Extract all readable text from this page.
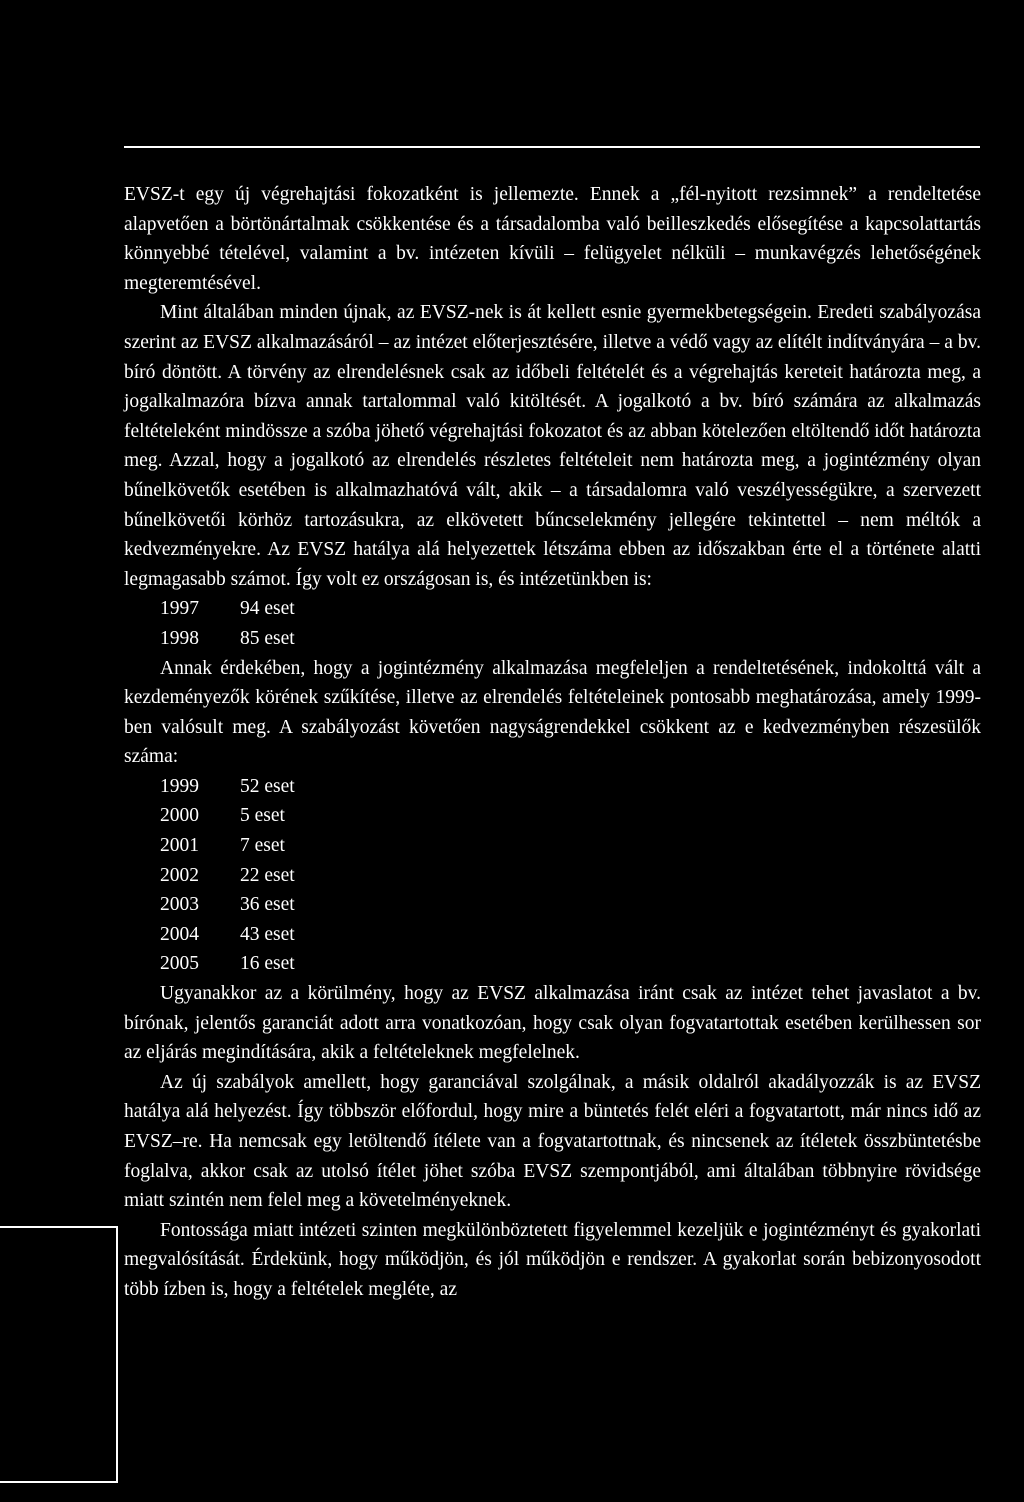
EVSZ-t egy új végrehajtási fokozatként is jellemezte. Ennek a „fél-nyitott rezsimnek” a rendeltetése alapvetően a börtönártalmak csökkentése és a társadalomba való beilleszkedés elősegítése a kapcsolattartás könnyebbé tételével, valamint a bv. intézeten kívüli – felügyelet nélküli – munkavégzés lehetőségének megteremtésével.

Mint általában minden újnak, az EVSZ-nek is át kellett esnie gyermekbetegségein. Eredeti szabályozása szerint az EVSZ alkalmazásáról – az intézet előterjesztésére, illetve a védő vagy az elítélt indítványára – a bv. bíró döntött. A törvény az elrendelésnek csak az időbeli feltételét és a végrehajtás kereteit határozta meg, a jogalkalmazóra bízva annak tartalommal való kitöltését. A jogalkotó a bv. bíró számára az alkalmazás feltételeként mindössze a szóba jöhető végrehajtási fokozatot és az abban kötelezően eltöltendő időt határozta meg. Azzal, hogy a jogalkotó az elrendelés részletes feltételeit nem határozta meg, a jogintézmény olyan bűnelkövetők esetében is alkalmazhatóvá vált, akik – a társadalomra való veszélyességükre, a szervezett bűnelkövetői körhöz tartozásukra, az elkövetett bűncselekmény jellegére tekintettel – nem méltók a kedvezményekre. Az EVSZ hatálya alá helyezettek létszáma ebben az időszakban érte el a története alatti legmagasabb számot. Így volt ez országosan is, és intézetünkben is:

1997	94 eset
1998	85 eset

Annak érdekében, hogy a jogintézmény alkalmazása megfeleljen a rendeltetésének, indokolttá vált a kezdeményezők körének szűkítése, illetve az elrendelés feltételeinek pontosabb meghatározása, amely 1999-ben valósult meg. A szabályozást követően nagyságrendekkel csökkent az e kedvezményben részesülők száma:

1999	52 eset
2000	5 eset
2001	7 eset
2002	22 eset
2003	36 eset
2004	43 eset
2005	16 eset

Ugyanakkor az a körülmény, hogy az EVSZ alkalmazása iránt csak az intézet tehet javaslatot a bv. bírónak, jelentős garanciát adott arra vonatkozóan, hogy csak olyan fogvatartottak esetében kerülhessen sor az eljárás megindítására, akik a feltételeknek megfelelnek.

Az új szabályok amellett, hogy garanciával szolgálnak, a másik oldalról akadályozzák is az EVSZ hatálya alá helyezést. Így többször előfordul, hogy mire a büntetés felét eléri a fogvatartott, már nincs idő az EVSZ–re. Ha nemcsak egy letöltendő ítélete van a fogvatartottnak, és nincsenek az ítéletek összbüntetésbe foglalva, akkor csak az utolsó ítélet jöhet szóba EVSZ szempontjából, ami általában többnyire rövidsége miatt szintén nem felel meg a követelményeknek.

Fontossága miatt intézeti szinten megkülönböztetett figyelemmel kezeljük e jogintézményt és gyakorlati megvalósítását. Érdekünk, hogy működjön, és jól működjön e rendszer. A gyakorlat során bebizonyosodott több ízben is, hogy a feltételek megléte, az
